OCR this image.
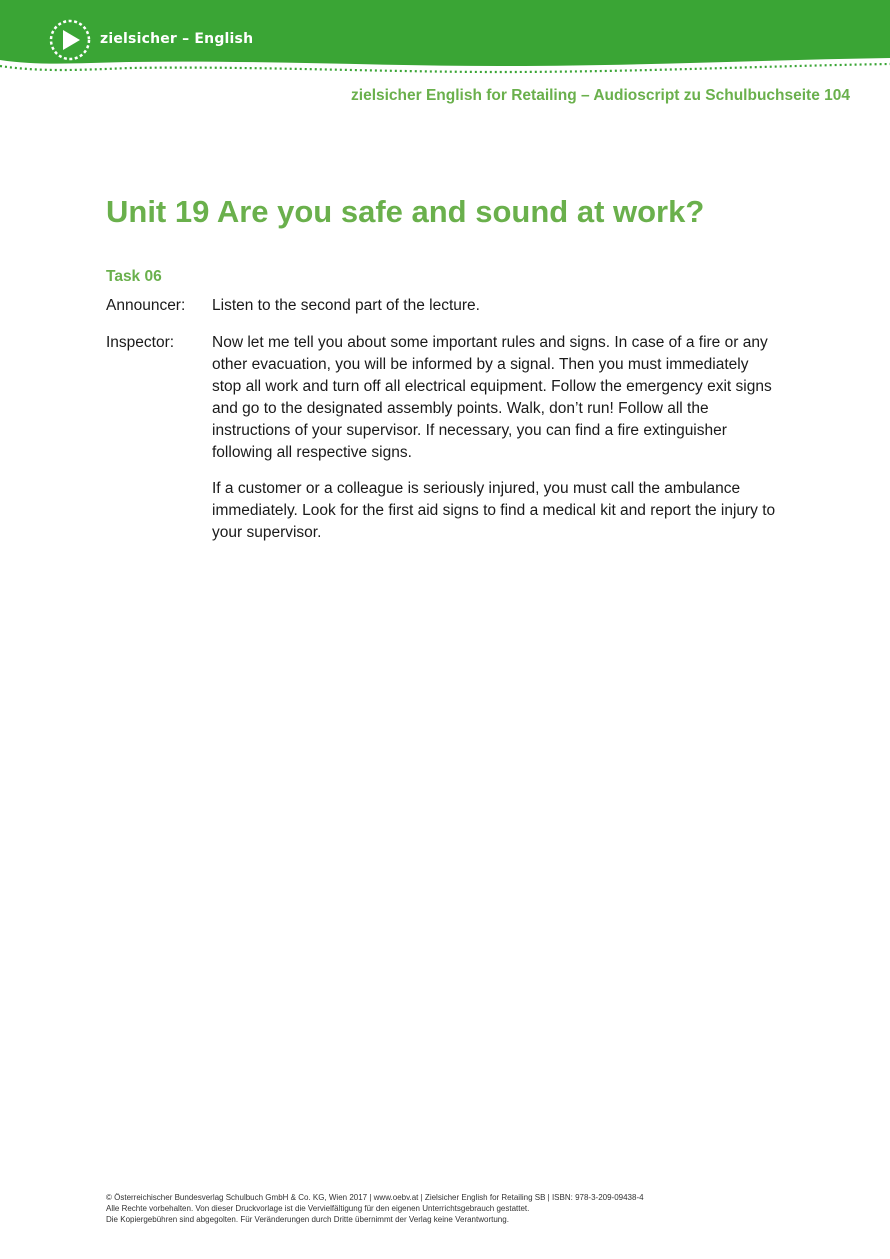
zielsicher – English
zielsicher English for Retailing – Audioscript zu Schulbuchseite 104
Unit 19 Are you safe and sound at work?
Task 06
Announcer: Listen to the second part of the lecture.

Inspector: Now let me tell you about some important rules and signs. In case of a fire or any other evacuation, you will be informed by a signal. Then you must immediately stop all work and turn off all electrical equipment. Follow the emergency exit signs and go to the designated assembly points. Walk, don’t run! Follow all the instructions of your supervisor. If necessary, you can find a fire extinguisher following all respective signs.

If a customer or a colleague is seriously injured, you must call the ambulance immediately. Look for the first aid signs to find a medical kit and report the injury to your supervisor.

© Österreichischer Bundesverlag Schulbuch GmbH & Co. KG, Wien 2017 | www.oebv.at | Zielsicher English for Retailing SB | ISBN: 978-3-209-09438-4
Alle Rechte vorbehalten. Von dieser Druckvorlage ist die Vervielfältigung für den eigenen Unterrichtsgebrauch gestattet.
Die Kopiergebühren sind abgegolten. Für Veränderungen durch Dritte übernimmt der Verlag keine Verantwortung.
